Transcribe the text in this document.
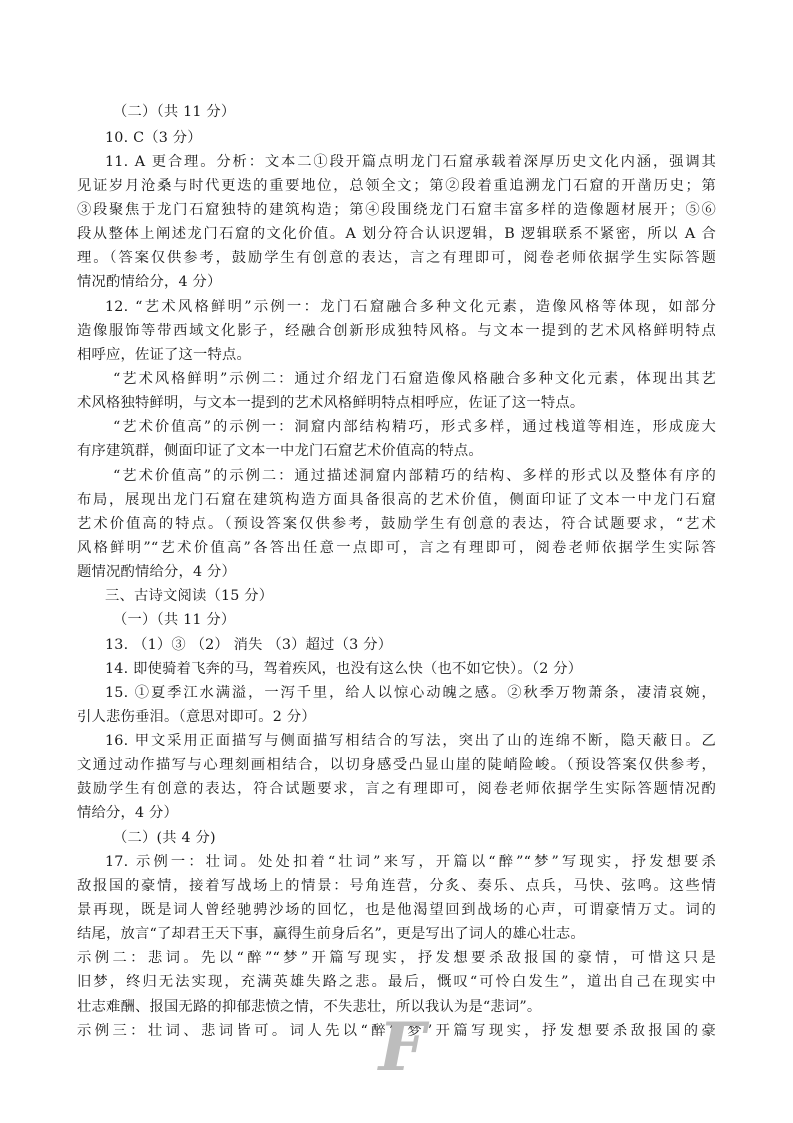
（二）（共 11 分）
10. C（3 分）
11. A 更合理。分析：文本二①段开篇点明龙门石窟承载着深厚历史文化内涵，强调其
见证岁月沧桑与时代更迭的重要地位，总领全文；第②段着重追溯龙门石窟的开凿历史；第
③段聚焦于龙门石窟独特的建筑构造；第④段围绕龙门石窟丰富多样的造像题材展开；⑤⑥
段从整体上阐述龙门石窟的文化价值。A 划分符合认识逻辑，B 逻辑联系不紧密，所以 A 合
理。（答案仅供参考，鼓励学生有创意的表达，言之有理即可，阅卷老师依据学生实际答题
情况酌情给分，4 分）
12. “艺术风格鲜明”示例一：龙门石窟融合多种文化元素，造像风格等体现，如部分
造像服饰等带西域文化影子，经融合创新形成独特风格。与文本一提到的艺术风格鲜明特点
相呼应，佐证了这一特点。
“艺术风格鲜明”示例二：通过介绍龙门石窟造像风格融合多种文化元素，体现出其艺
术风格独特鲜明，与文本一提到的艺术风格鲜明特点相呼应，佐证了这一特点。
“艺术价值高”的示例一：洞窟内部结构精巧，形式多样，通过栈道等相连，形成庞大
有序建筑群，侧面印证了文本一中龙门石窟艺术价值高的特点。
“艺术价值高”的示例二：通过描述洞窟内部精巧的结构、多样的形式以及整体有序的
布局，展现出龙门石窟在建筑构造方面具备很高的艺术价值，侧面印证了文本一中龙门石窟
艺术价值高的特点。（预设答案仅供参考，鼓励学生有创意的表达，符合试题要求，“艺术
风格鲜明”“艺术价值高”各答出任意一点即可，言之有理即可，阅卷老师依据学生实际答
题情况酌情给分，4 分）
三、古诗文阅读（15 分）
（一）（共 11 分）
13. （1）③ （2） 消失 （3）超过（3 分）
14. 即使骑着飞奔的马，驾着疾风，也没有这么快（也不如它快）。（2 分）
15. ①夏季江水满溢，一泻千里，给人以惊心动魄之感。②秋季万物萧条，凄清哀婉，
引人悲伤垂泪。（意思对即可。2 分）
16. 甲文采用正面描写与侧面描写相结合的写法，突出了山的连绵不断，隐天蔽日。乙
文通过动作描写与心理刻画相结合，以切身感受凸显山崖的陡峭险峻。（预设答案仅供参考，
鼓励学生有创意的表达，符合试题要求，言之有理即可，阅卷老师依据学生实际答题情况酌
情给分，4 分）
（二）(共 4 分)
17. 示例一：壮词。处处扣着“壮词”来写，开篇以“醉”“梦”写现实，抒发想要杀
敌报国的豪情，接着写战场上的情景：号角连营，分炙、奏乐、点兵，马快、弦鸣。这些情
景再现，既是词人曾经驰骋沙场的回忆，也是他渴望回到战场的心声，可谓豪情万丈。词的
结尾，放言“了却君王天下事，赢得生前身后名”，更是写出了词人的雄心壮志。
示例二：悲词。先以“醉”“梦”开篇写现实，抒发想要杀敌报国的豪情，可惜这只是
旧梦，终归无法实现，充满英雄失路之悲。最后，慨叹“可怜白发生”，道出自己在现实中
壮志难酬、报国无路的抑郁悲愤之情，不失悲壮，所以我认为是“悲词”。
示例三：壮词、悲词皆可。词人先以“醉”“梦”开篇写现实，抒发想要杀敌报国的豪
F
